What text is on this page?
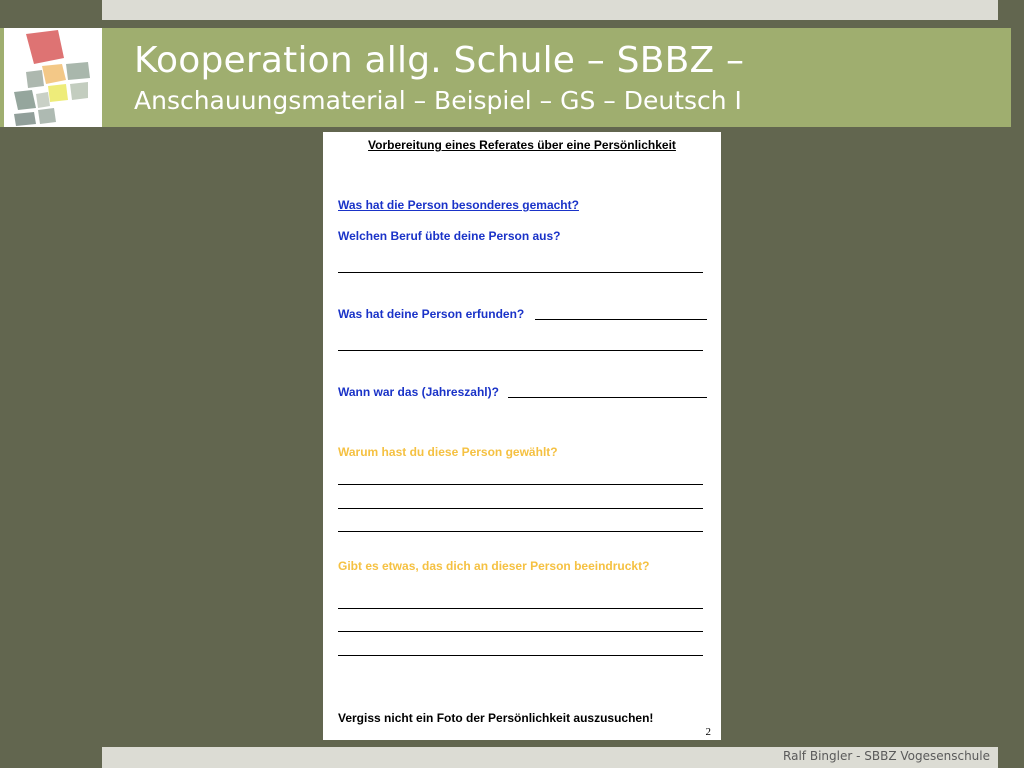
Kooperation allg. Schule – SBBZ –
Anschauungsmaterial – Beispiel – GS – Deutsch I
Vorbereitung eines Referates über eine Persönlichkeit
Was hat die Person besonderes gemacht?
Welchen Beruf übte deine Person aus?
Was hat deine Person erfunden?
Wann war das (Jahreszahl)?
Warum hast du diese Person gewählt?
Gibt es etwas, das dich an dieser Person beeindruckt?
Vergiss nicht ein Foto der Persönlichkeit auszusuchen!
2
Ralf Bingler - SBBZ Vogesenschule
